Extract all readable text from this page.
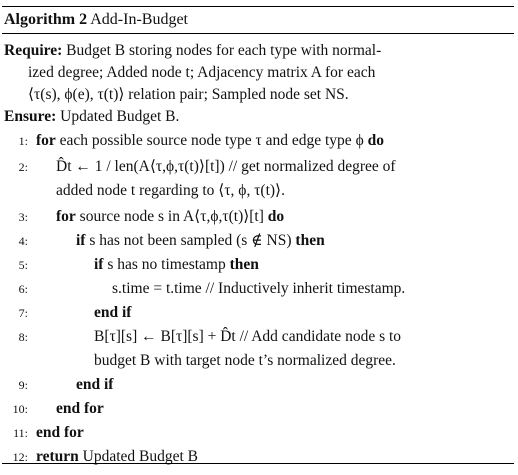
Algorithm 2 Add-In-Budget
Require: Budget B storing nodes for each type with normal-
ized degree; Added node t; Adjacency matrix A for each
⟨τ(s), ϕ(e), τ(t)⟩ relation pair; Sampled node set NS.
Ensure: Updated Budget B.
1: for each possible source node type τ and edge type ϕ do
2: D̂t ← 1 / len(A⟨τ,ϕ,τ(t)⟩[t]) // get normalized degree of
added node t regarding to ⟨τ, ϕ, τ(t)⟩.
3: for source node s in A⟨τ,ϕ,τ(t)⟩[t] do
4:	if s has not been sampled (s ∉ NS) then
5:	if s has no timestamp then
6:	s.time = t.time // Inductively inherit timestamp.
7:	end if
8:	B[τ][s] ← B[τ][s] + D̂t // Add candidate node s to
budget B with target node t’s normalized degree.
9:	end if
10: end for
11: end for
12: return Updated Budget B
